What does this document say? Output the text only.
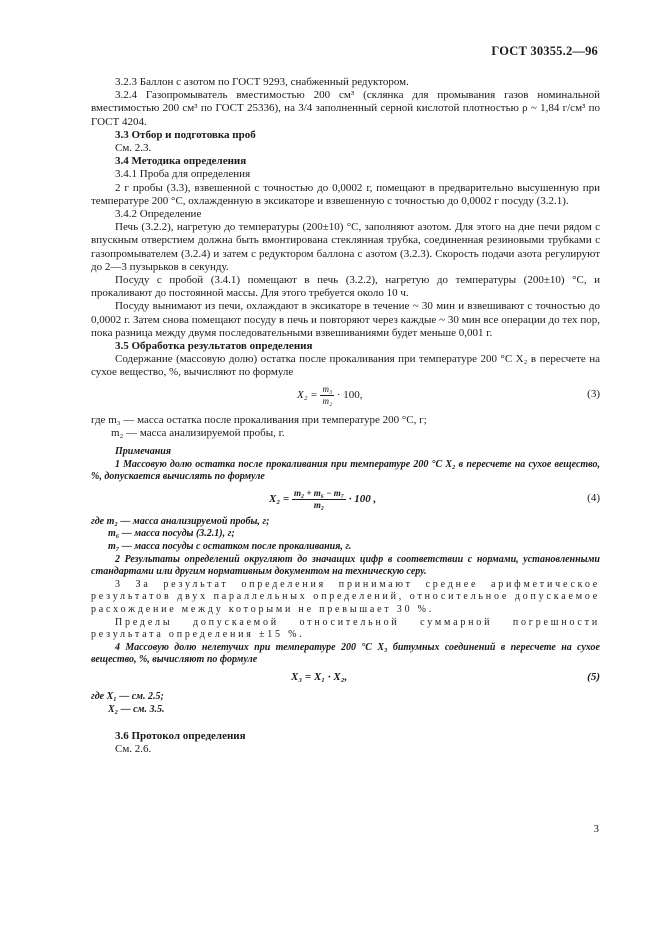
ГОСТ 30355.2—96

3.2.3 Баллон с азотом по ГОСТ 9293, снабженный редуктором.

3.2.4 Газопромыватель вместимостью 200 см³ (склянка для промывания газов номинальной вместимостью 200 см³ по ГОСТ 25336), на 3/4 заполненный серной кислотой плотностью ρ ~ 1,84 г/см³ по ГОСТ 4204.

3.3 Отбор и подготовка проб

См. 2.3.

3.4 Методика определения

3.4.1 Проба для определения

2 г пробы (3.3), взвешенной с точностью до 0,0002 г, помещают в предварительно высушенную при температуре 200 °С, охлажденную в эксикаторе и взвешенную с точностью до 0,0002 г посуду (3.2.1).

3.4.2 Определение

Печь (3.2.2), нагретую до температуры (200±10) °С, заполняют азотом. Для этого на дне печи рядом с впускным отверстием должна быть вмонтирована стеклянная трубка, соединенная резиновыми трубками с газопромывателем (3.2.4) и затем с редуктором баллона с азотом (3.2.3). Скорость подачи азота регулируют до 2—3 пузырьков в секунду.

Посуду с пробой (3.4.1) помещают в печь (3.2.2), нагретую до температуры (200±10) °С, и прокаливают до постоянной массы. Для этого требуется около 10 ч.

Посуду вынимают из печи, охлаждают в эксикаторе в течение ~ 30 мин и взвешивают с точностью до 0,0002 г. Затем снова помещают посуду в печь и повторяют через каждые ~ 30 мин все операции до тех пор, пока разница между двумя последовательными взвешиваниями будет меньше 0,001 г.

3.5 Обработка результатов определения

Содержание (массовую долю) остатка после прокаливания при температуре 200 °С X₂ в пересчете на сухое вещество, %, вычисляют по формуле

$X_2 = \frac{\text{m₃}}{\text{m₂}} \cdot 100$,	(3)

где m₃ — масса остатка после прокаливания при температуре 200 °С, г;

m₂ — масса анализируемой пробы, г.

Примечания

1 Массовую долю остатка после прокаливания при температуре 200 °С X₂ в пересчете на сухое вещество, %, допускается вычислять по формуле

$X_2 = \frac{\text{m₂ + m₆ − m₇}}{\text{m₂}} \cdot 100$ ,	(4)

где m₂ — масса анализируемой пробы, г;

m₆ — масса посуды (3.2.1), г;

m₇ — масса посуды с остатком после прокаливания, г.

2 Результаты определений округляют до значащих цифр в соответствии с нормами, установленными стандартами или другим нормативным документом на техническую серу.

3 За результат определения принимают среднее арифметическое результатов двух параллельных определений, относительное допускаемое расхождение между которыми не превышает 30 %.

Пределы допускаемой относительной суммарной погрешности результата определения ±15 %.

4 Массовую долю нелетучих при температуре 200 °С X₃ битумных соединений в пересчете на сухое вещество, %, вычисляют по формуле

X₃ = X₁ · X₂,	(5)

где X₁ — см. 2.5;

X₂ — см. 3.5.

3.6 Протокол определения

См. 2.6.

3
